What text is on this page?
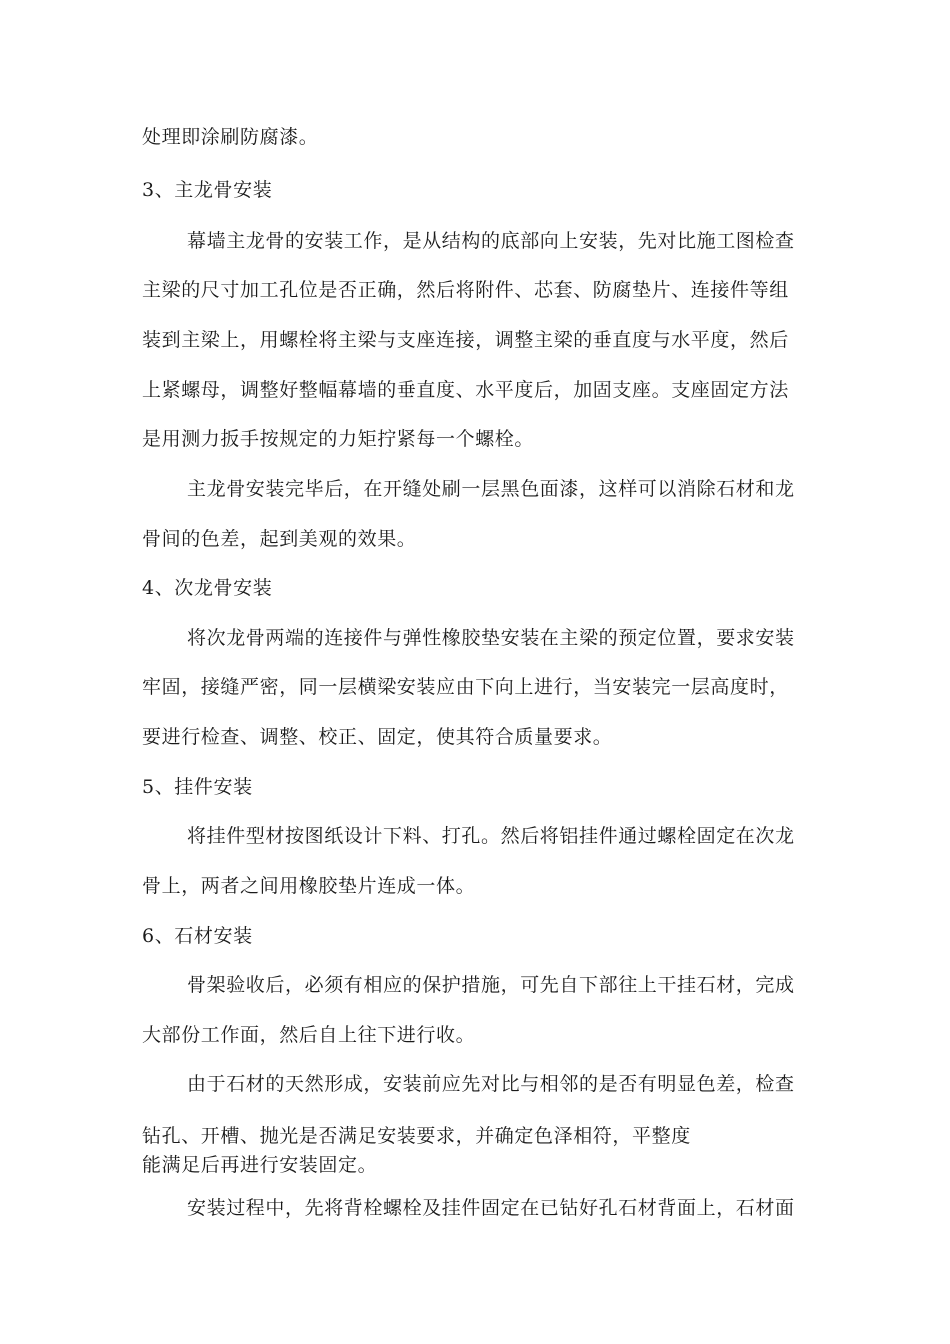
处理即涂刷防腐漆。
3、主龙骨安装
幕墙主龙骨的安装工作，是从结构的底部向上安装，先对比施工图检查
主梁的尺寸加工孔位是否正确，然后将附件、芯套、防腐垫片、连接件等组
装到主梁上，用螺栓将主梁与支座连接，调整主梁的垂直度与水平度，然后
上紧螺母，调整好整幅幕墙的垂直度、水平度后，加固支座。支座固定方法
是用测力扳手按规定的力矩拧紧每一个螺栓。
主龙骨安装完毕后，在开缝处刷一层黑色面漆，这样可以消除石材和龙
骨间的色差，起到美观的效果。
4、次龙骨安装
将次龙骨两端的连接件与弹性橡胶垫安装在主梁的预定位置，要求安装
牢固，接缝严密，同一层横梁安装应由下向上进行，当安装完一层高度时，
要进行检查、调整、校正、固定，使其符合质量要求。
5、挂件安装
将挂件型材按图纸设计下料、打孔。然后将铝挂件通过螺栓固定在次龙
骨上，两者之间用橡胶垫片连成一体。
6、石材安装
骨架验收后，必须有相应的保护措施，可先自下部往上干挂石材，完成
大部份工作面，然后自上往下进行收。
由于石材的天然形成，安装前应先对比与相邻的是否有明显色差，检查
钻孔、开槽、抛光是否满足安装要求，并确定色泽相符，平整度
能满足后再进行安装固定。
安装过程中，先将背栓螺栓及挂件固定在已钻好孔石材背面上，石材面
